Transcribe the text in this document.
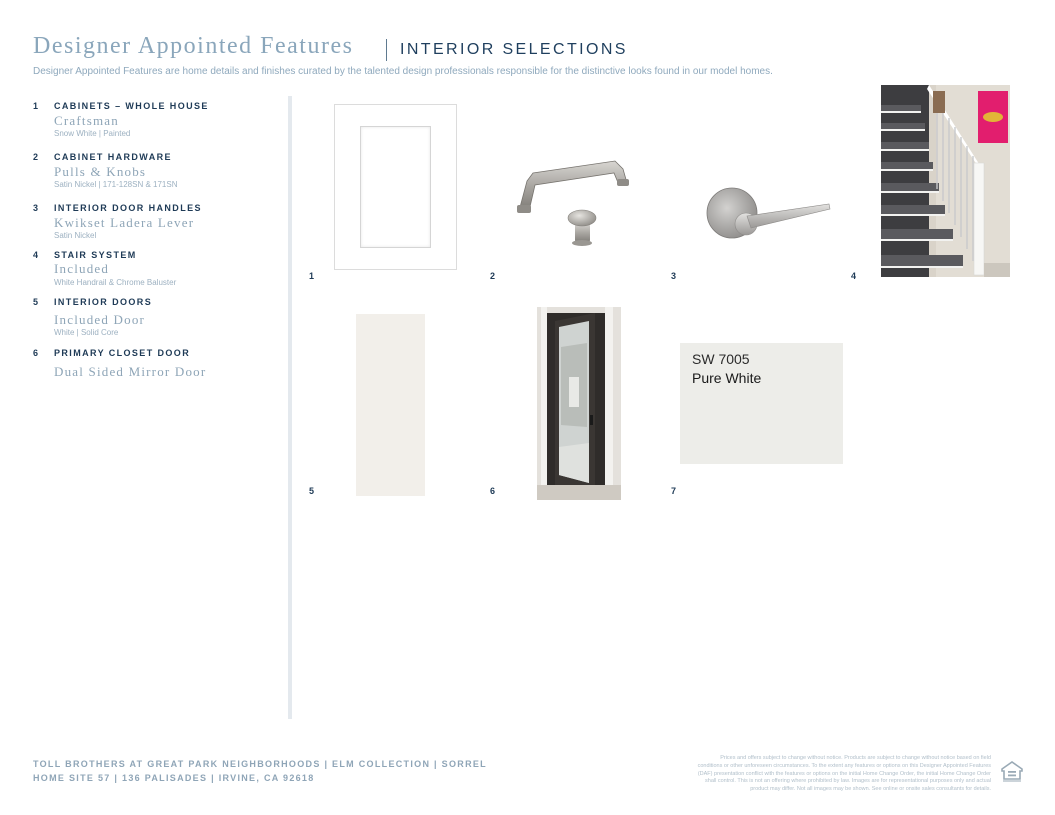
Designer Appointed Features	INTERIOR SELECTIONS
Designer Appointed Features are home details and finishes curated by the talented design professionals responsible for the distinctive looks found in our model homes.
1 CABINETS – WHOLE HOUSE
Craftsman
Snow White | Painted
2 CABINET HARDWARE
Pulls & Knobs
Satin Nickel | 171-128SN & 171SN
3 INTERIOR DOOR HANDLES
Kwikset Ladera Lever
Satin Nickel
4 STAIR SYSTEM
Included
White Handrail & Chrome Baluster
5 INTERIOR DOORS
Included Door
White | Solid Core
6 PRIMARY CLOSET DOOR
Dual Sided Mirror Door
1	2	3	4
5	6
SW 7005
Pure White
7
TOLL BROTHERS AT GREAT PARK NEIGHBORHOODS | ELM COLLECTION | SORREL
HOME SITE 57 | 136 PALISADES | IRVINE, CA 92618
Prices and offers subject to change without notice. Products are subject to change without notice based on field conditions or other unforeseen circumstances. To the extent any features or options on this Designer Appointed Features (DAF) presentation conflict with the features or options on the initial Home Change Order, the initial Home Change Order shall control. This is not an offering where prohibited by law. Images are for representational purposes only and actual product may differ. Not all images may be shown. See online or onsite sales consultants for details.
